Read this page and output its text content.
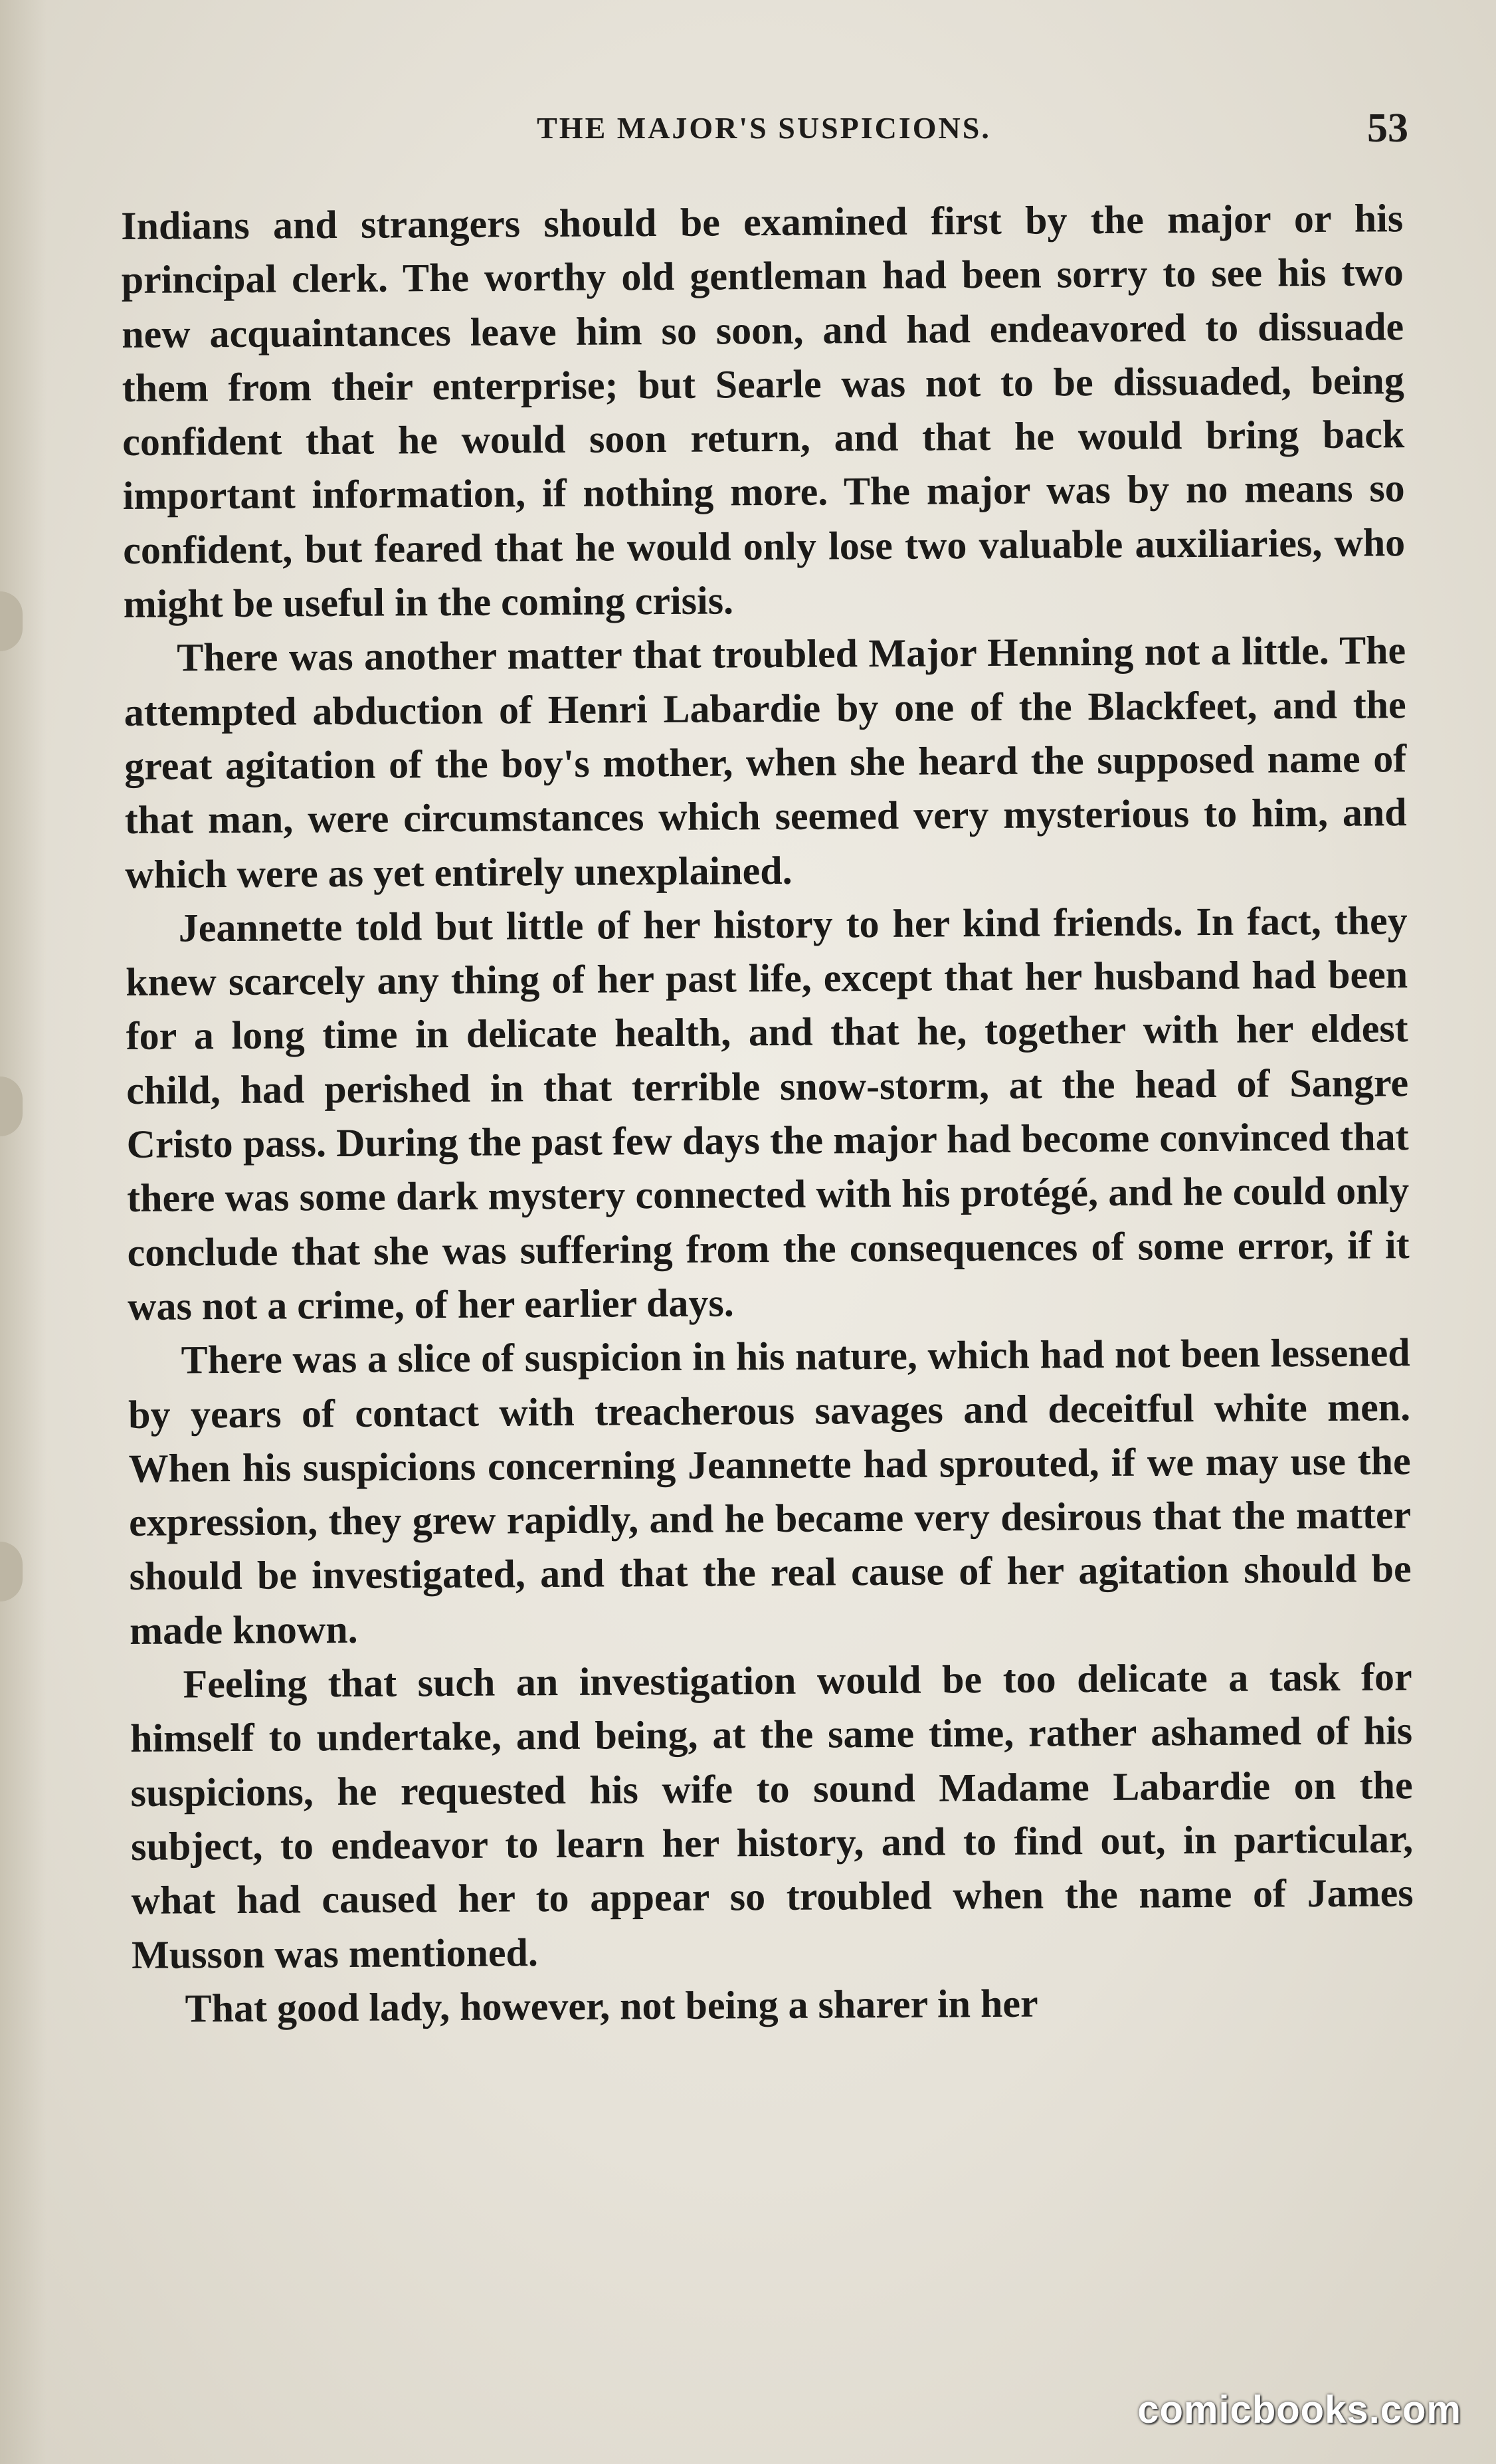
THE MAJOR'S SUSPICIONS.	53

Indians and strangers should be examined first by the major or his principal clerk. The worthy old gentleman had been sorry to see his two new acquaintances leave him so soon, and had endeavored to dissuade them from their enterprise; but Searle was not to be dissuaded, being confident that he would soon return, and that he would bring back important information, if nothing more. The major was by no means so confident, but feared that he would only lose two valuable auxiliaries, who might be useful in the coming crisis.

There was another matter that troubled Major Henning not a little. The attempted abduction of Henri Labardie by one of the Blackfeet, and the great agitation of the boy's mother, when she heard the supposed name of that man, were circumstances which seemed very mysterious to him, and which were as yet entirely unexplained.

Jeannette told but little of her history to her kind friends. In fact, they knew scarcely any thing of her past life, except that her husband had been for a long time in delicate health, and that he, together with her eldest child, had perished in that terrible snow-storm, at the head of Sangre Cristo pass. During the past few days the major had become convinced that there was some dark mystery connected with his protégé, and he could only conclude that she was suffering from the consequences of some error, if it was not a crime, of her earlier days.

There was a slice of suspicion in his nature, which had not been lessened by years of contact with treacherous savages and deceitful white men. When his suspicions concerning Jeannette had sprouted, if we may use the expression, they grew rapidly, and he became very desirous that the matter should be investigated, and that the real cause of her agitation should be made known.

Feeling that such an investigation would be too delicate a task for himself to undertake, and being, at the same time, rather ashamed of his suspicions, he requested his wife to sound Madame Labardie on the subject, to endeavor to learn her history, and to find out, in particular, what had caused her to appear so troubled when the name of James Musson was mentioned.

That good lady, however, not being a sharer in her

comicbooks.com
